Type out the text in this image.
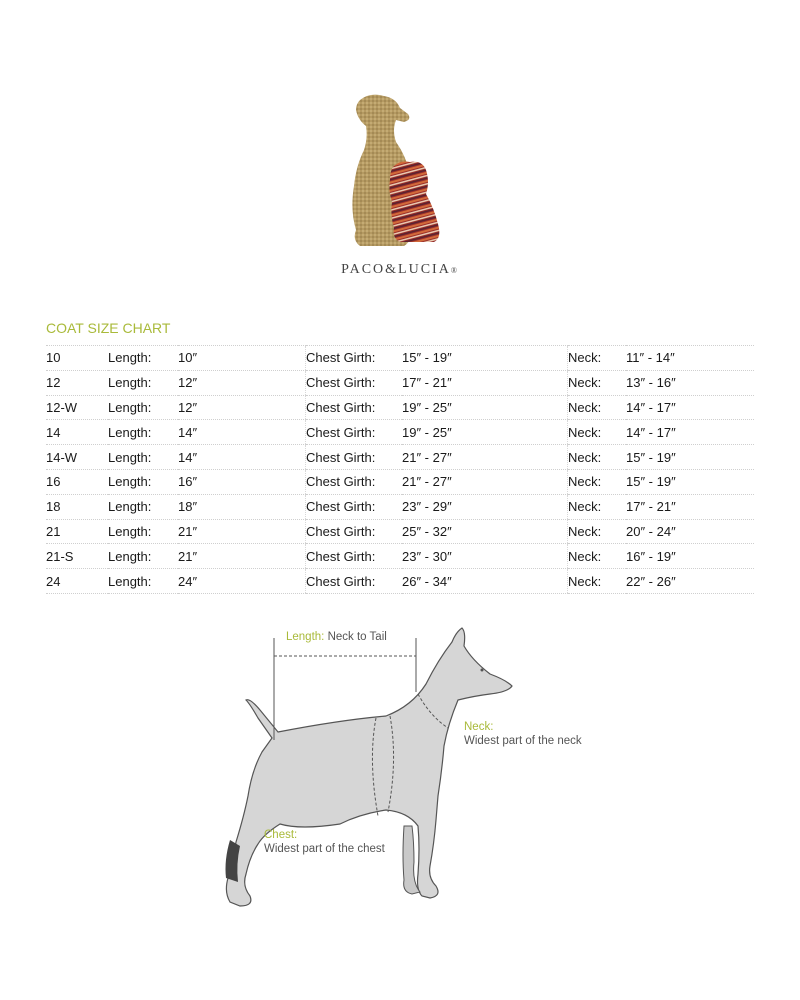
PACO&LUCIA®
COAT SIZE CHART
10	Length:	10″	Chest Girth:	15″ - 19″	Neck:	11″ - 14″
12	Length:	12″	Chest Girth:	17″ - 21″	Neck:	13″ - 16″
12-W	Length:	12″	Chest Girth:	19″ - 25″	Neck:	14″ - 17″
14	Length:	14″	Chest Girth:	19″ - 25″	Neck:	14″ - 17″
14-W	Length:	14″	Chest Girth:	21″ - 27″	Neck:	15″ - 19″
16	Length:	16″	Chest Girth:	21″ - 27″	Neck:	15″ - 19″
18	Length:	18″	Chest Girth:	23″ - 29″	Neck:	17″ - 21″
21	Length:	21″	Chest Girth:	25″ - 32″	Neck:	20″ - 24″
21-S	Length:	21″	Chest Girth:	23″ - 30″	Neck:	16″ - 19″
24	Length:	24″	Chest Girth:	26″ - 34″	Neck:	22″ - 26″
Length: Neck to Tail
Neck:
Widest part of the neck
Chest:
Widest part of the chest
